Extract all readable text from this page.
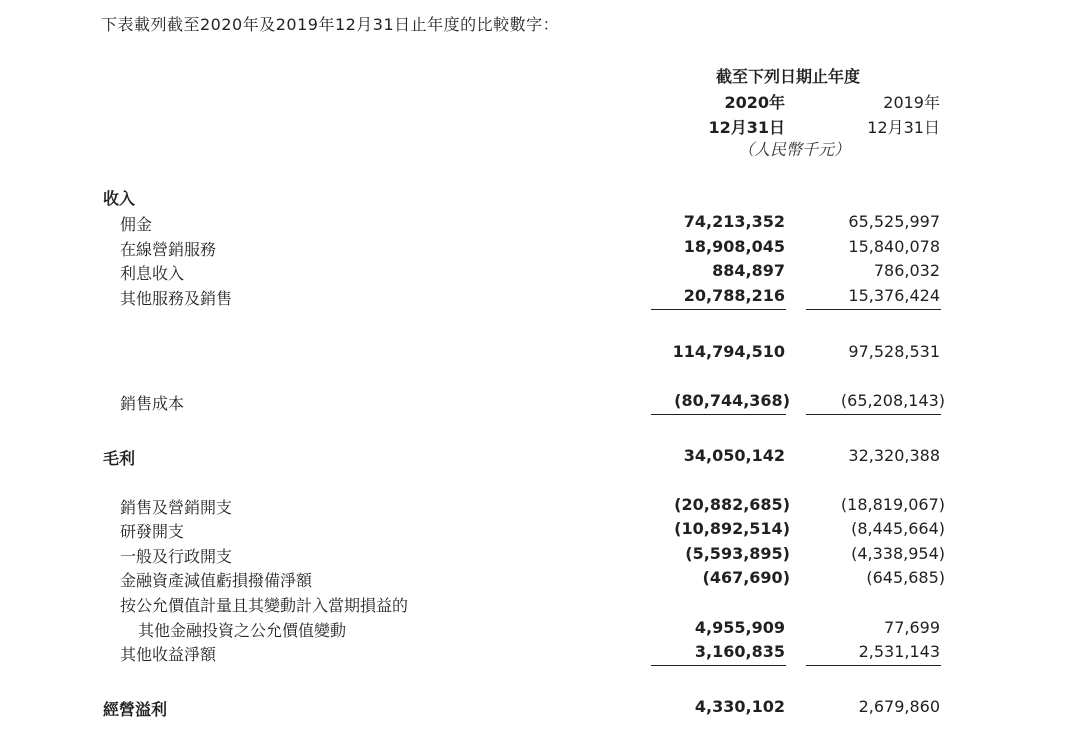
下表載列截至2020年及2019年12月31日止年度的比較數字：
截至下列日期止年度
2020年
12月31日
2019年
12月31日
（人民幣千元）
收入
佣金	74,213,352	65,525,997
在線營銷服務	18,908,045	15,840,078
利息收入	884,897	786,032
其他服務及銷售	20,788,216	15,376,424
114,794,510	97,528,531
銷售成本	(80,744,368)	(65,208,143)
毛利	34,050,142	32,320,388
銷售及營銷開支	(20,882,685)	(18,819,067)
研發開支	(10,892,514)	(8,445,664)
一般及行政開支	(5,593,895)	(4,338,954)
金融資產減值虧損撥備淨額	(467,690)	(645,685)
按公允價值計量且其變動計入當期損益的
其他金融投資之公允價值變動	4,955,909	77,699
其他收益淨額	3,160,835	2,531,143
經營溢利	4,330,102	2,679,860
